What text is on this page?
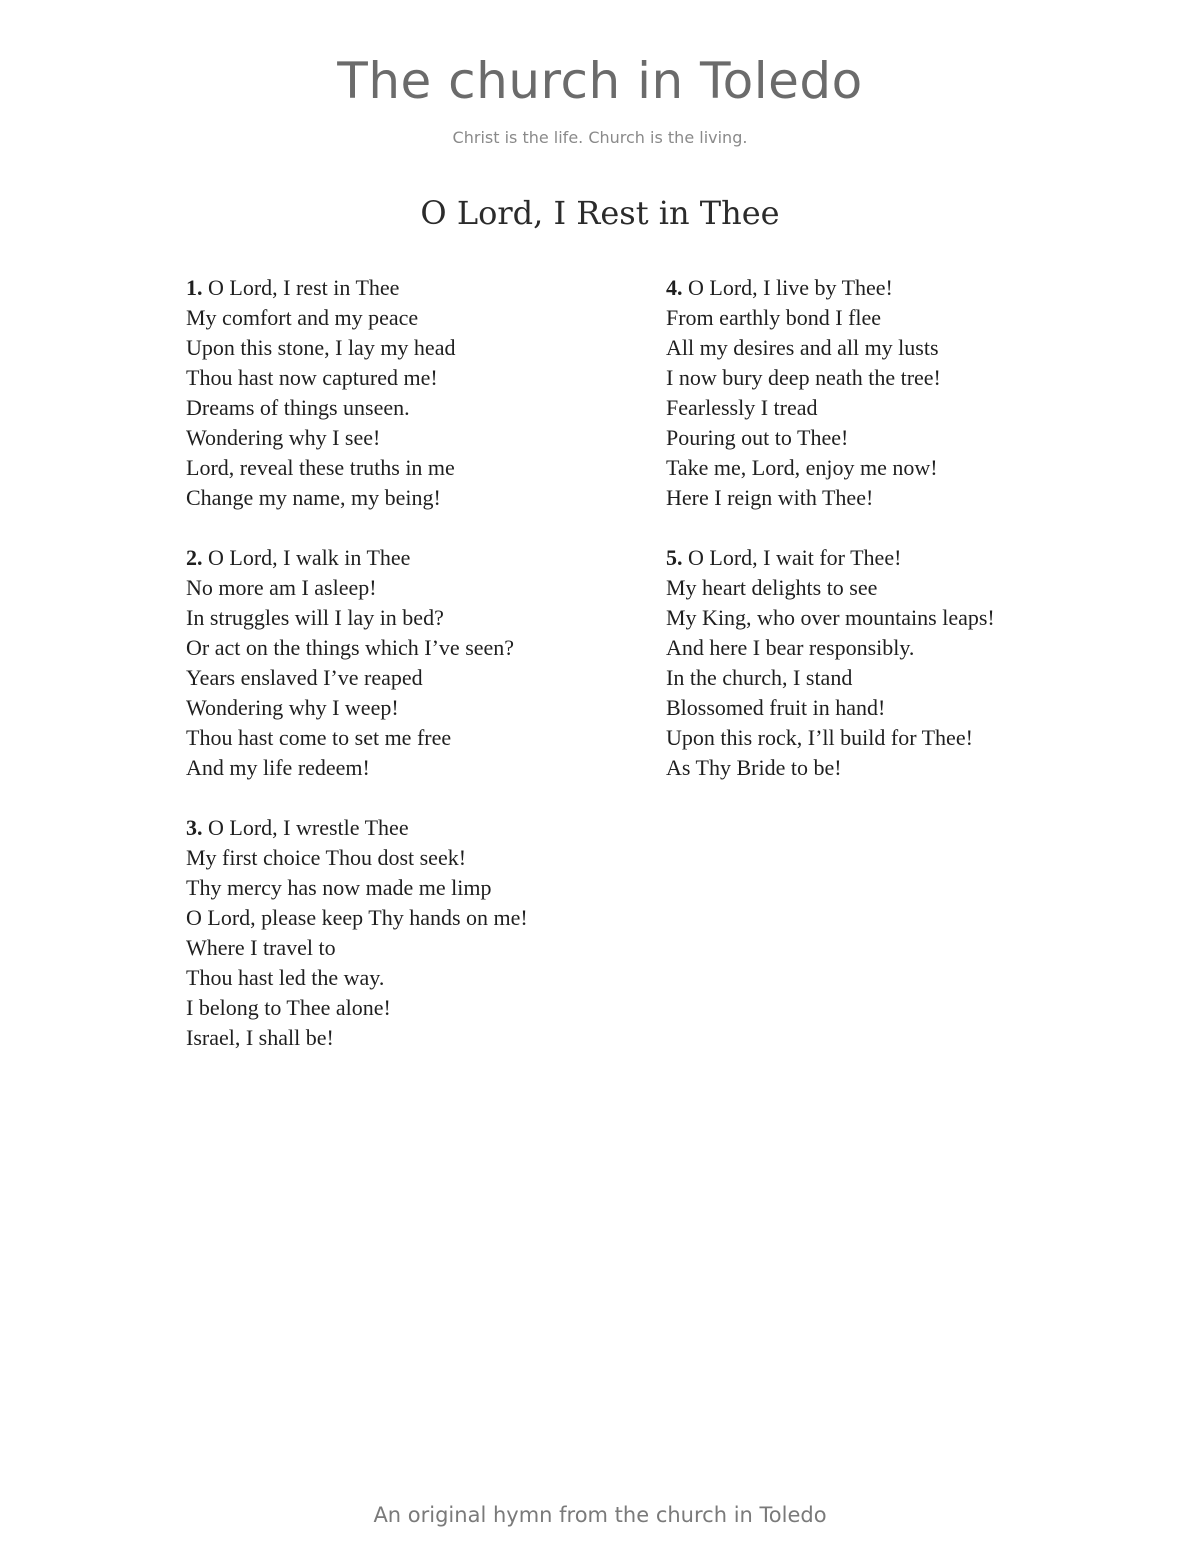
The church in Toledo

Christ is the life. Church is the living.

O Lord, I Rest in Thee
1. O Lord, I rest in Thee
My comfort and my peace
Upon this stone, I lay my head
Thou hast now captured me!
Dreams of things unseen.
Wondering why I see!
Lord, reveal these truths in me
Change my name, my being!
2. O Lord, I walk in Thee
No more am I asleep!
In struggles will I lay in bed?
Or act on the things which I’ve seen?
Years enslaved I’ve reaped
Wondering why I weep!
Thou hast come to set me free
And my life redeem!
3. O Lord, I wrestle Thee
My first choice Thou dost seek!
Thy mercy has now made me limp
O Lord, please keep Thy hands on me!
Where I travel to
Thou hast led the way.
I belong to Thee alone!
Israel, I shall be!
4. O Lord, I live by Thee!
From earthly bond I flee
All my desires and all my lusts
I now bury deep neath the tree!
Fearlessly I tread
Pouring out to Thee!
Take me, Lord, enjoy me now!
Here I reign with Thee!
5. O Lord, I wait for Thee!
My heart delights to see
My King, who over mountains leaps!
And here I bear responsibly.
In the church, I stand
Blossomed fruit in hand!
Upon this rock, I’ll build for Thee!
As Thy Bride to be!

An original hymn from the church in Toledo
